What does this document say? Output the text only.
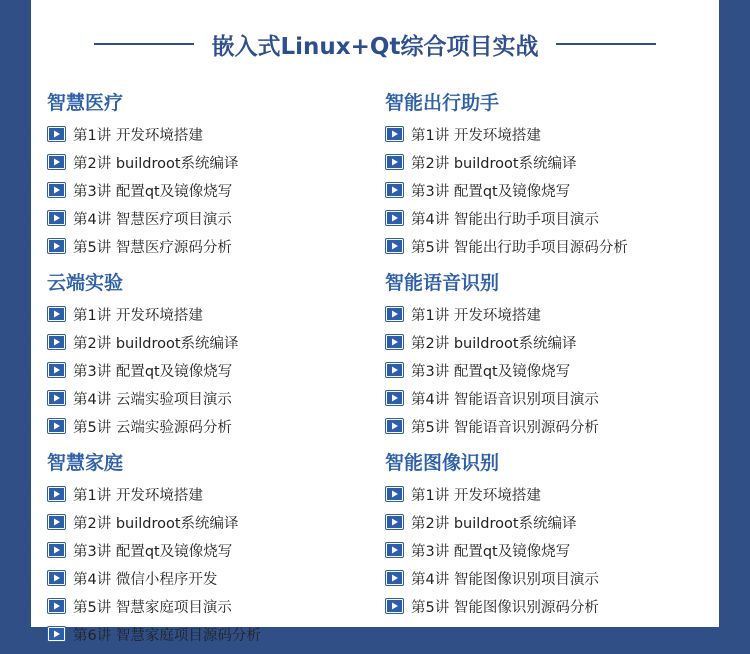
嵌入式Linux+Qt综合项目实战
智慧医疗
第1讲 开发环境搭建
第2讲 buildroot系统编译
第3讲 配置qt及镜像烧写
第4讲 智慧医疗项目演示
第5讲 智慧医疗源码分析
云端实验
第1讲 开发环境搭建
第2讲 buildroot系统编译
第3讲 配置qt及镜像烧写
第4讲 云端实验项目演示
第5讲 云端实验源码分析
智慧家庭
第1讲 开发环境搭建
第2讲 buildroot系统编译
第3讲 配置qt及镜像烧写
第4讲 微信小程序开发
第5讲 智慧家庭项目演示
第6讲 智慧家庭项目源码分析
智能出行助手
第1讲 开发环境搭建
第2讲 buildroot系统编译
第3讲 配置qt及镜像烧写
第4讲 智能出行助手项目演示
第5讲 智能出行助手项目源码分析
智能语音识别
第1讲 开发环境搭建
第2讲 buildroot系统编译
第3讲 配置qt及镜像烧写
第4讲 智能语音识别项目演示
第5讲 智能语音识别源码分析
智能图像识别
第1讲 开发环境搭建
第2讲 buildroot系统编译
第3讲 配置qt及镜像烧写
第4讲 智能图像识别项目演示
第5讲 智能图像识别源码分析
